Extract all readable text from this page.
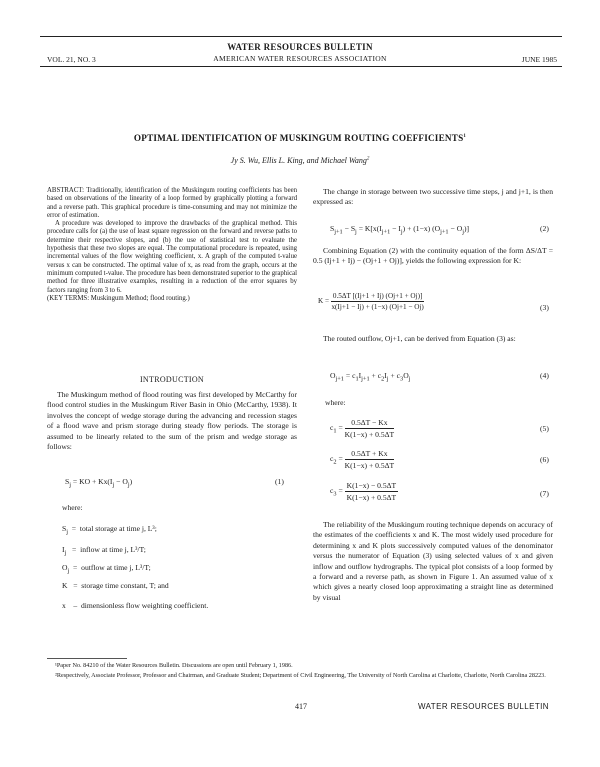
WATER RESOURCES BULLETIN
AMERICAN WATER RESOURCES ASSOCIATION
VOL. 21, NO. 3	JUNE 1985
OPTIMAL IDENTIFICATION OF MUSKINGUM ROUTING COEFFICIENTS$^1$
Jy S. Wu, Ellis L. King, and Michael Wang$^2$

ABSTRACT: Traditionally, identification of the Muskingum routing coefficients has been based on observations of the linearity of a loop formed by graphically plotting a forward and a reverse path. This graphical procedure is time-consuming and may not minimize the error of estimation.

A procedure was developed to improve the drawbacks of the graphical method. This procedure calls for (a) the use of least square regression on the forward and reverse paths to determine their respective slopes, and (b) the use of statistical test to evaluate the hypothesis that these two slopes are equal. The computational procedure is repeated, using incremental values of the flow weighting coefficient, x. A graph of the computed t-value versus x can be constructed. The optimal value of x, as read from the graph, occurs at the minimum computed t-value. The procedure has been demonstrated superior to the graphical method for three illustrative examples, resulting in a reduction of the error squares by factors ranging from 3 to 6.

(KEY TERMS: Muskingum Method; flood routing.)
INTRODUCTION

The Muskingum method of flood routing was first developed by McCarthy for flood control studies in the Muskingum River Basin in Ohio (McCarthy, 1938). It involves the concept of wedge storage during the advancing and recession stages of a flood wave and prism storage during steady flow periods. The storage is assumed to be linearly related to the sum of the prism and wedge storage as follows:

$S_j$ = KO + $Kx(I_j - O_j)$	(1)
where:
$S_j$ = total storage at time j, L³;
$I_j$ = inflow at time j, L³/T;
$O_j$ = outflow at time j, L³/T;
K = storage time constant, T; and
x – dimensionless flow weighting coefficient.

The change in storage between two successive time steps, j and j+1, is then expressed as:

$S_{j+1} - S_j = K[x(I_{j+1} - I_j) + (1-x) (O_{j+1} - O_j)]$	(2)

Combining Equation (2) with the continuity equation of the form ΔS/ΔT = 0.5 (Ij+1 + Ij) − (Oj+1 + Oj)], yields the following expression for K:

$K = \frac{0.5\Delta T [(Ij+1 + Ij) (Oj+1 + Oj)]}{x(Ij+1 - Ij) + (1-x) (Oj+1 - Oj)}$	(3)

The routed outflow, Oj+1, can be derived from Equation (3) as:

$O_{j+1} = c_1I_{j+1} + c_2I_j + c_3O_j$	(4)
where:
$c_1 = \frac{0.5\Delta T - Kx}{K(1-x) + 0.5\Delta T}$	(5)
$c_2 = \frac{0.5\Delta T + Kx}{K(1-x) + 0.5\Delta T}$	(6)
$c_3 = \frac{K(1-x) - 0.5\Delta T}{K(1-x) + 0.5\Delta T}$	(7)

The reliability of the Muskingum routing technique depends on accuracy of the estimates of the coefficients x and K. The most widely used procedure for determining x and K plots successively computed values of the denominator versus the numerator of Equation (3) using selected values of x and given inflow and outflow hydrographs. The typical plot consists of a loop formed by a forward and a reverse path, as shown in Figure 1. An assumed value of x which gives a nearly closed loop approximating a straight line as determined by visual

¹Paper No. 84210 of the Water Resources Bulletin. Discussions are open until February 1, 1986.
²Respectively, Associate Professor, Professor and Chairman, and Graduate Student; Department of Civil Engineering, The University of North Carolina at Charlotte, Charlotte, North Carolina 28223.
417	WATER RESOURCES BULLETIN
